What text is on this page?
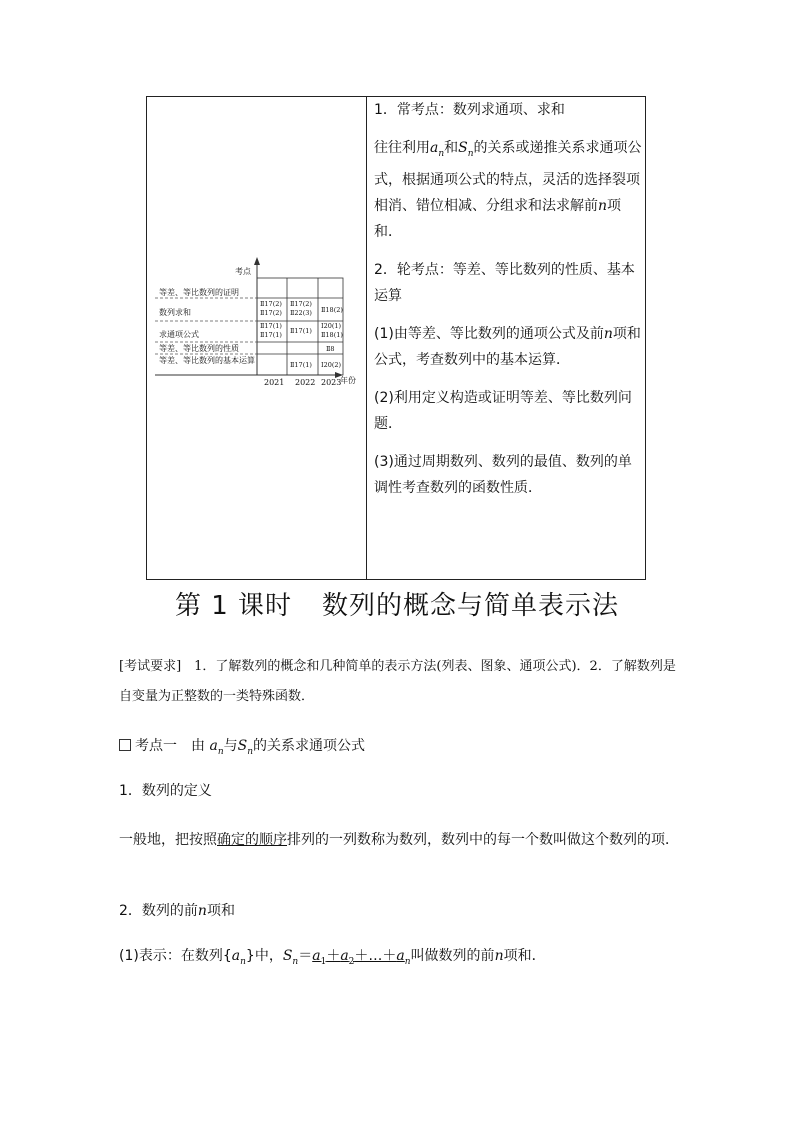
考点
年份
等差、等比数列的证明
数列求和
求通项公式
等差、等比数列的性质
等差、等比数列的基本运算
Ⅱ17(2)
Ⅱ17(2)
Ⅱ17(2)
Ⅱ22(3) Ⅱ18(2)
Ⅱ17(1)
Ⅱ17(1) Ⅱ17(1)
Ⅰ20(1)
Ⅱ18(1)
Ⅱ8
Ⅱ17(1) Ⅰ20(2)
2021 2022 2023

1．常考点：数列求通项、求和

往往利用$a_n$和$S_n$的关系或递推关系求通项公式，根据通项公式的特点，灵活的选择裂项相消、错位相减、分组求和法求解前n项和．

2．轮考点：等差、等比数列的性质、基本运算

(1)由等差、等比数列的通项公式及前n项和公式，考查数列中的基本运算．

(2)利用定义构造或证明等差、等比数列问题．

(3)通过周期数列、数列的最值、数列的单调性考查数列的函数性质．

第 1 课时 数列的概念与简单表示法
[考试要求]　1．了解数列的概念和几种简单的表示方法(列表、图象、通项公式)．2．了解数列是自变量为正整数的一类特殊函数．
考点一　 由 $a_n$与$S_n$的关系求通项公式
1．数列的定义
一般地，把按照确定的顺序排列的一列数称为数列，数列中的每一个数叫做这个数列的项．
2．数列的前n项和
(1)表示：在数列$\{a_n\}$中，$S_n=a_1+a_2+\dots+a_n$叫做数列的前n项和．
